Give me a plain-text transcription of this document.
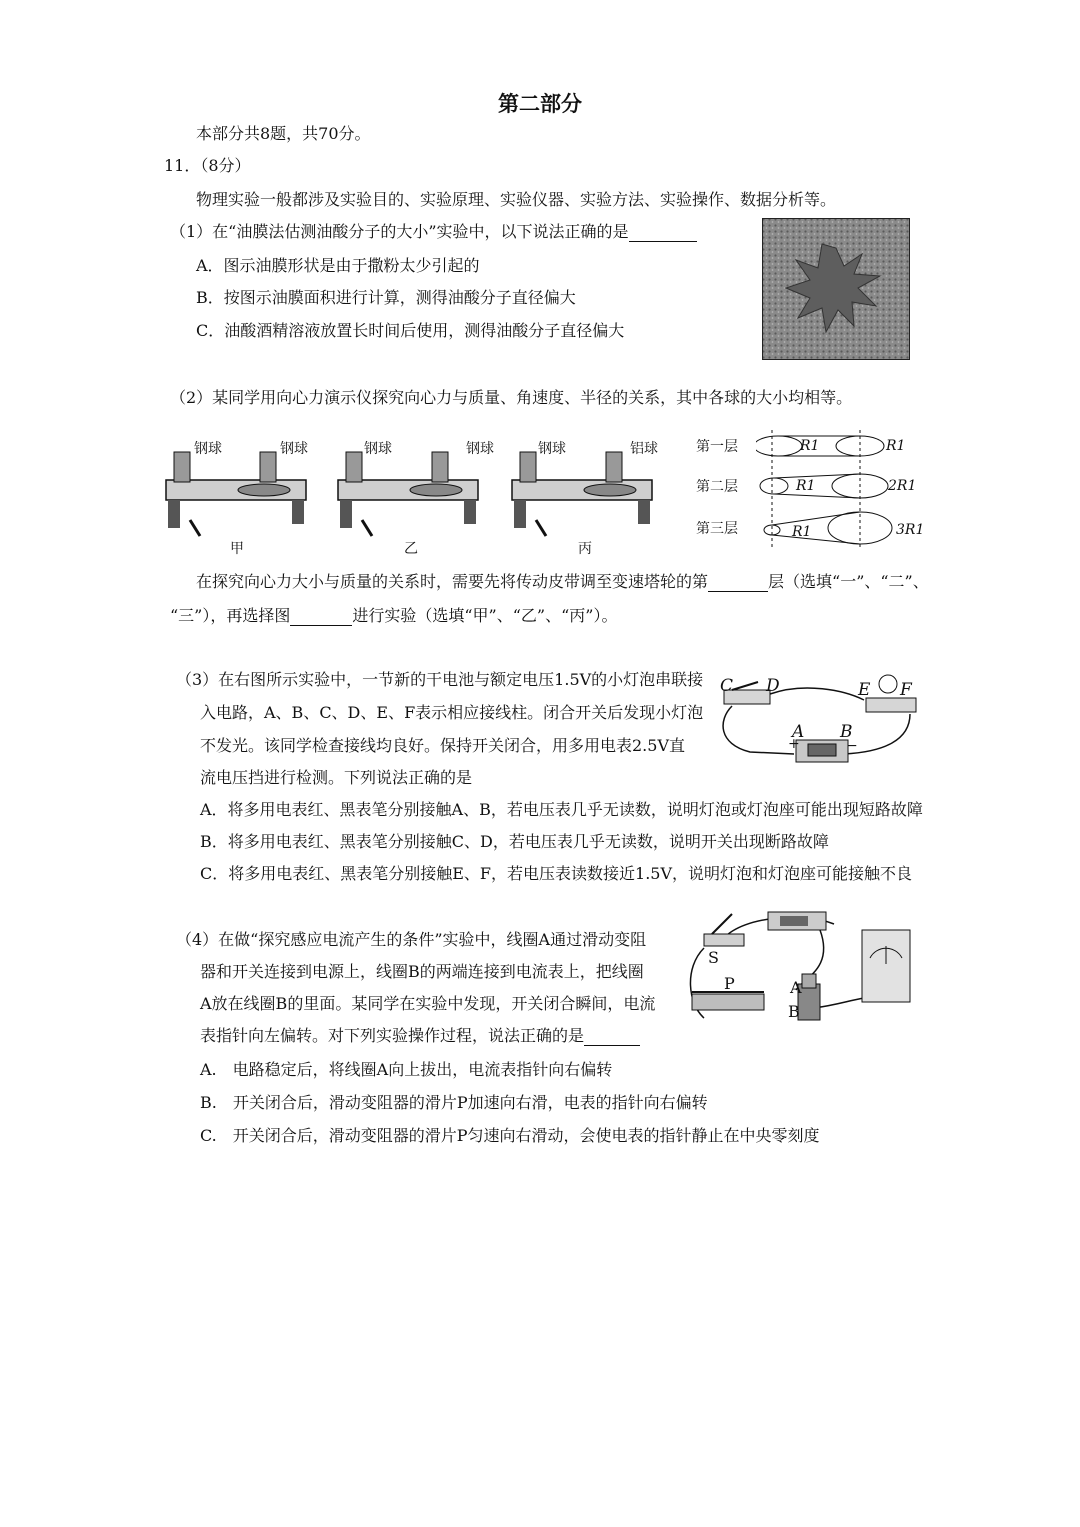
第二部分
本部分共8题，共70分。
11．（8分）
物理实验一般都涉及实验目的、实验原理、实验仪器、实验方法、实验操作、数据分析等。
（1）在“油膜法估测油酸分子的大小”实验中，以下说法正确的是
A．图示油膜形状是由于撒粉太少引起的
B．按图示油膜面积进行计算，测得油酸分子直径偏大
C．油酸酒精溶液放置长时间后使用，测得油酸分子直径偏大
（2）某同学用向心力演示仪探究向心力与质量、角速度、半径的关系，其中各球的大小均相等。
钢球	钢球	钢球	钢球	钢球	铝球
甲	乙	丙
第一层
第二层
第三层
R1
R1
R1
R1
2R1
3R1
在探究向心力大小与质量的关系时，需要先将传动皮带调至变速塔轮的第	层（选填“一”、“二”、
“三”），再选择图	进行实验（选填“甲”、“乙”、“丙”）。
（3）在右图所示实验中，一节新的干电池与额定电压1.5V的小灯泡串联接
入电路，A、B、C、D、E、F表示相应接线柱。闭合开关后发现小灯泡
不发光。该同学检查接线均良好。保持开关闭合，用多用电表2.5V直
流电压挡进行检测。下列说法正确的是
A．将多用电表红、黑表笔分别接触A、B，若电压表几乎无读数，说明灯泡或灯泡座可能出现短路故障
B．将多用电表红、黑表笔分别接触C、D，若电压表几乎无读数，说明开关出现断路故障
C．将多用电表红、黑表笔分别接触E、F，若电压表读数接近1.5V，说明灯泡和灯泡座可能接触不良
C D	E F
A B
+	−
（4）在做“探究感应电流产生的条件”实验中，线圈A通过滑动变阻
器和开关连接到电源上，线圈B的两端连接到电流表上，把线圈
A放在线圈B的里面。某同学在实验中发现，开关闭合瞬间，电流
表指针向左偏转。对下列实验操作过程，说法正确的是
A.　电路稳定后，将线圈A向上拔出，电流表指针向右偏转
B.　开关闭合后，滑动变阻器的滑片P加速向右滑，电表的指针向右偏转
C.　开关闭合后，滑动变阻器的滑片P匀速向右滑动，会使电表的指针静止在中央零刻度
S
P	A
B
